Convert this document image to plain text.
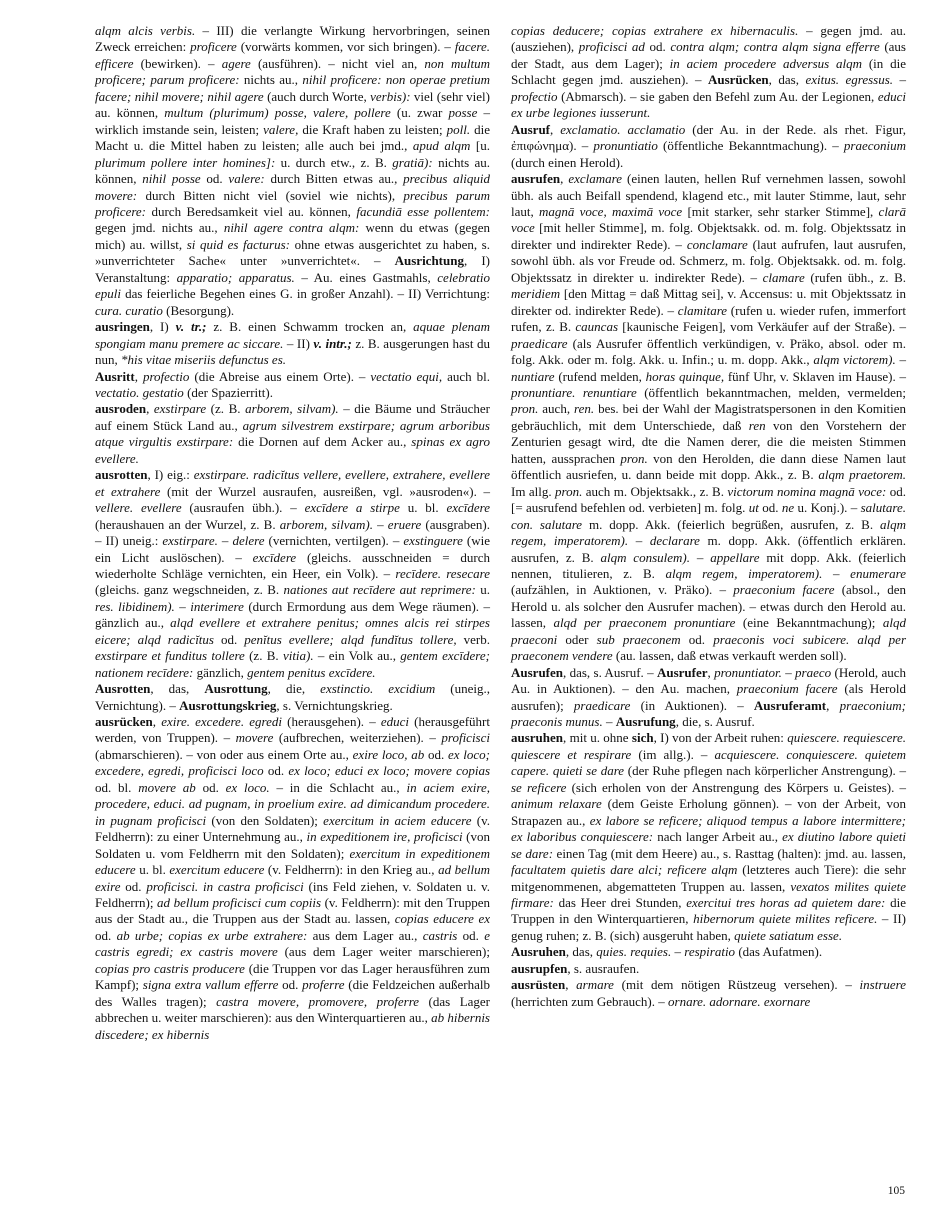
alqm alcis verbis. – III) die verlangte Wirkung hervorbringen, seinen Zweck erreichen: proficere (vorwärts kommen, vor sich bringen). – facere. efficere (bewirken). – agere (ausführen). – nicht viel an, non multum proficere; parum proficere: nichts au., nihil proficere: non operae pretium facere; nihil movere; nihil agere (auch durch Worte, verbis): viel (sehr viel) au. können, multum (plurimum) posse, valere, pollere (u. zwar posse – wirklich imstande sein, leisten; valere, die Kraft haben zu leisten; poll. die Macht u. die Mittel haben zu leisten; alle auch bei jmd., apud alqm [u. plurimum pollere inter homines]: u. durch etw., z. B. gratiā): nichts au. können, nihil posse od. valere: durch Bitten etwas au., precibus aliquid movere: durch Bitten nicht viel (soviel wie nichts), precibus parum proficere: durch Beredsamkeit viel au. können, facundiā esse pollentem: gegen jmd. nichts au., nihil agere contra alqm: wenn du etwas (gegen mich) au. willst, si quid es facturus: ohne etwas ausgerichtet zu haben, s. »unverrichteter Sache« unter »unverrichtet«. – Ausrichtung, I) Veranstaltung: apparatio; apparatus. – Au. eines Gastmahls, celebratio epuli das feierliche Begehen eines G. in großer Anzahl). – II) Verrichtung: cura. curatio (Besorgung).

ausringen, I) v. tr.; z. B. einen Schwamm trocken an, aquae plenam spongiam manu premere ac siccare. – II) v. intr.; z. B. ausgerungen hast du nun, *his vitae miseriis defunctus es.

Ausritt, profectio (die Abreise aus einem Orte). – vectatio equi, auch bl. vectatio. gestatio (der Spazierritt).

ausroden, exstirpare (z. B. arborem, silvam). – die Bäume und Sträucher auf einem Stück Land au., agrum silvestrem exstirpare; agrum arboribus atque virgultis exstirpare: die Dornen auf dem Acker au., spinas ex agro evellere.

ausrotten, I) eig.: exstirpare. radicĭtus vellere, evellere, extrahere, evellere et extrahere (mit der Wurzel ausraufen, ausreißen, vgl. »ausroden«). – vellere. evellere (ausraufen übh.). – excīdere a stirpe u. bl. excīdere (heraushauen an der Wurzel, z. B. arborem, silvam). – eruere (ausgraben). – II) uneig.: exstirpare. – delere (vernichten, vertilgen). – exstinguere (wie ein Licht auslöschen). – excīdere (gleichs. ausschneiden = durch wiederholte Schläge vernichten, ein Heer, ein Volk). – recīdere. resecare (gleichs. ganz wegschneiden, z. B. nationes aut recīdere aut reprimere: u. res. libidinem). – interimere (durch Ermordung aus dem Wege räumen). – gänzlich au., alqd evellere et extrahere penitus; omnes alcis rei stirpes eicere; alqd radicĭtus od. penĭtus evellere; alqd fundĭtus tollere, verb. exstirpare et funditus tollere (z. B. vitia). – ein Volk au., gentem excīdere; nationem recīdere: gänzlich, gentem penitus excīdere.

Ausrotten, das, Ausrottung, die, exstinctio. excidium (uneig., Vernichtung). – Ausrottungskrieg, s. Vernichtungskrieg.

ausrücken, exire. excedere. egredi (herausgehen). – educi (herausgeführt werden, von Truppen). – movere (aufbrechen, weiterziehen). – proficisci (abmarschieren). – von oder aus einem Orte au., exire loco, ab od. ex loco; excedere, egredi, proficisci loco od. ex loco; educi ex loco; movere copias od. bl. movere ab od. ex loco. – in die Schlacht au., in aciem exire, procedere, educi. ad pugnam, in proelium exire. ad dimicandum procedere. in pugnam proficisci (von den Soldaten); exercitum in aciem educere (v. Feldherrn): zu einer Unternehmung au., in expeditionem ire, proficisci (von Soldaten u. vom Feldherrn mit den Soldaten); exercitum in expeditionem educere u. bl. exercitum educere (v. Feldherrn): in den Krieg au., ad bellum exire od. proficisci. in castra proficisci (ins Feld ziehen, v. Soldaten u. v. Feldherrn); ad bellum proficisci cum copiis (v. Feldherrn): mit den Truppen aus der Stadt au., die Truppen aus der Stadt au. lassen, copias educere ex od. ab urbe; copias ex urbe extrahere: aus dem Lager au., castris od. e castris egredi; ex castris movere (aus dem Lager weiter marschieren); copias pro castris producere (die Truppen vor das Lager herausführen zum Kampf); signa extra vallum efferre od. proferre (die Feldzeichen außerhalb des Walles tragen); castra movere, promovere, proferre (das Lager abbrechen u. weiter marschieren): aus den Winterquartieren au., ab hibernis discedere; ex hibernis

copias deducere; copias extrahere ex hibernaculis. – gegen jmd. au. (ausziehen), proficisci ad od. contra alqm; contra alqm signa efferre (aus der Stadt, aus dem Lager); in aciem procedere adversus alqm (in die Schlacht gegen jmd. ausziehen). – Ausrücken, das, exitus. egressus. – profectio (Abmarsch). – sie gaben den Befehl zum Au. der Legionen, educi ex urbe legiones iusserunt.

Ausruf, exclamatio. acclamatio (der Au. in der Rede. als rhet. Figur, ἐπιφώνημα). – pronuntiatio (öffentliche Bekanntmachung). – praeconium (durch einen Herold).

ausrufen, exclamare (einen lauten, hellen Ruf vernehmen lassen, sowohl übh. als auch Beifall spendend, klagend etc., mit lauter Stimme, laut, sehr laut, magnā voce, maximā voce [mit starker, sehr starker Stimme], clarā voce [mit heller Stimme], m. folg. Objektsakk. od. m. folg. Objektssatz in direkter und indirekter Rede). – conclamare (laut aufrufen, laut ausrufen, sowohl übh. als vor Freude od. Schmerz, m. folg. Objektsakk. od. m. folg. Objektssatz in direkter u. indirekter Rede). – clamare (rufen übh., z. B. meridiem [den Mittag = daß Mittag sei], v. Accensus: u. mit Objektssatz in direkter od. indirekter Rede). – clamitare (rufen u. wieder rufen, immerfort rufen, z. B. cauncas [kaunische Feigen], vom Verkäufer auf der Straße). – praedicare (als Ausrufer öffentlich verkündigen, v. Präko, absol. oder m. folg. Akk. oder m. folg. Akk. u. Infin.; u. m. dopp. Akk., alqm victorem). – nuntiare (rufend melden, horas quinque, fünf Uhr, v. Sklaven im Hause). – pronuntiare. renuntiare (öffentlich bekanntmachen, melden, vermelden; pron. auch, ren. bes. bei der Wahl der Magistratspersonen in den Komitien gebräuchlich, mit dem Unterschiede, daß ren von den Vorstehern der Zenturien gesagt wird, dte die Namen derer, die die meisten Stimmen hatten, aussprachen pron. von den Herolden, die dann diese Namen laut öffentlich ausriefen, u. dann beide mit dopp. Akk., z. B. alqm praetorem. Im allg. pron. auch m. Objektsakk., z. B. victorum nomina magnā voce: od. [= ausrufend befehlen od. verbieten] m. folg. ut od. ne u. Konj.). – salutare. con. salutare m. dopp. Akk. (feierlich begrüßen, ausrufen, z. B. alqm regem, imperatorem). – declarare m. dopp. Akk. (öffentlich erklären. ausrufen, z. B. alqm consulem). – appellare mit dopp. Akk. (feierlich nennen, titulieren, z. B. alqm regem, imperatorem). – enumerare (aufzählen, in Auktionen, v. Präko). – praeconium facere (absol., den Herold u. als solcher den Ausrufer machen). – etwas durch den Herold au. lassen, alqd per praeconem pronuntiare (eine Bekanntmachung); alqd praeconi oder sub praeconem od. praeconis voci subicere. alqd per praeconem vendere (au. lassen, daß etwas verkauft werden soll).

Ausrufen, das, s. Ausruf. – Ausrufer, pronuntiator. – praeco (Herold, auch Au. in Auktionen). – den Au. machen, praeconium facere (als Herold ausrufen); praedicare (in Auktionen). – Ausruferamt, praeconium; praeconis munus. – Ausrufung, die, s. Ausruf.

ausruhen, mit u. ohne sich, I) von der Arbeit ruhen: quiescere. requiescere. quiescere et respirare (im allg.). – acquiescere. conquiescere. quietem capere. quieti se dare (der Ruhe pflegen nach körperlicher Anstrengung). – se reficere (sich erholen von der Anstrengung des Körpers u. Geistes). – animum relaxare (dem Geiste Erholung gönnen). – von der Arbeit, von Strapazen au., ex labore se reficere; aliquod tempus a labore intermittere; ex laboribus conquiescere: nach langer Arbeit au., ex diutino labore quieti se dare: einen Tag (mit dem Heere) au., s. Rasttag (halten): jmd. au. lassen, facultatem quietis dare alci; reficere alqm (letzteres auch Tiere): die sehr mitgenommenen, abgematteten Truppen au. lassen, vexatos milites quiete firmare: das Heer drei Stunden, exercitui tres horas ad quietem dare: die Truppen in den Winterquartieren, hibernorum quiete milites reficere. – II) genug ruhen; z. B. (sich) ausgeruht haben, quiete satiatum esse.

Ausruhen, das, quies. requies. – respiratio (das Aufatmen).

ausrupfen, s. ausraufen.

ausrüsten, armare (mit dem nötigen Rüstzeug versehen). – instruere (herrichten zum Gebrauch). – ornare. adornare. exornare

105
